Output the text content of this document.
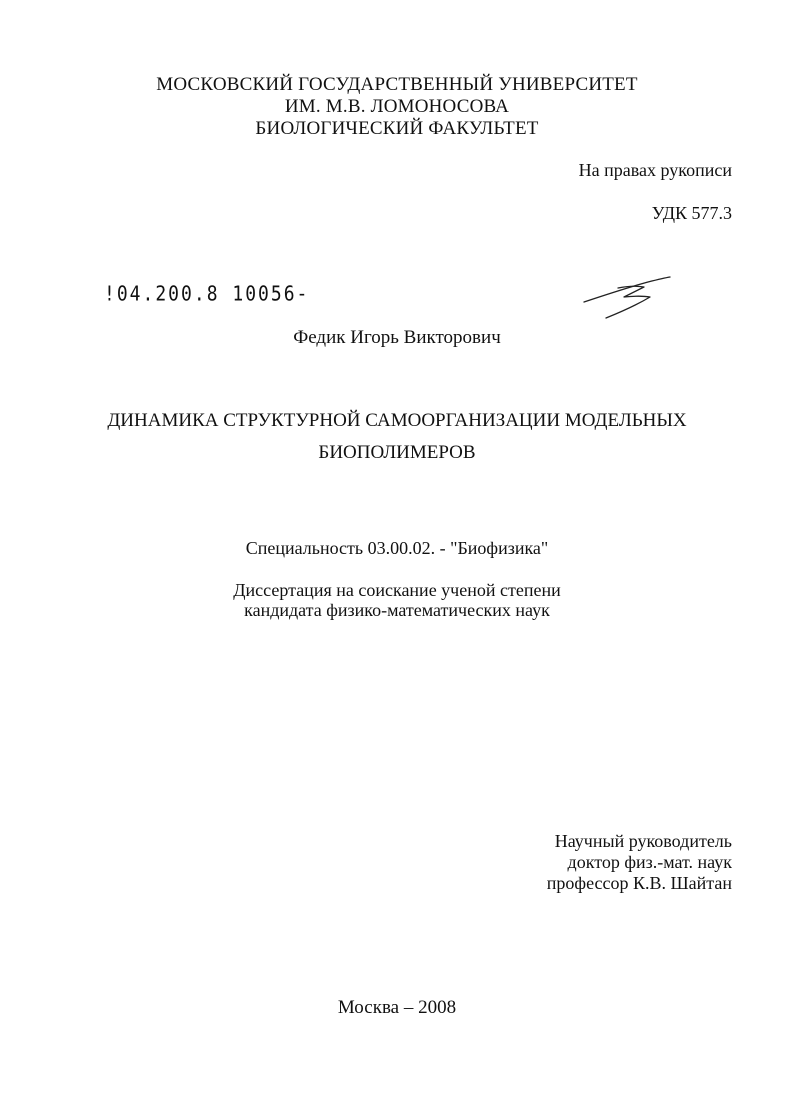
МОСКОВСКИЙ ГОСУДАРСТВЕННЫЙ УНИВЕРСИТЕТ
ИМ. М.В. ЛОМОНОСОВА
БИОЛОГИЧЕСКИЙ ФАКУЛЬТЕТ
На правах рукописи
УДК 577.3
!04.200.8 10056-
Федик Игорь Викторович
ДИНАМИКА СТРУКТУРНОЙ САМООРГАНИЗАЦИИ МОДЕЛЬНЫХ
БИОПОЛИМЕРОВ
Специальность 03.00.02. - "Биофизика"
Диссертация на соискание ученой степени
кандидата физико-математических наук
Научный руководитель
доктор физ.-мат. наук
профессор К.В. Шайтан
Москва – 2008
